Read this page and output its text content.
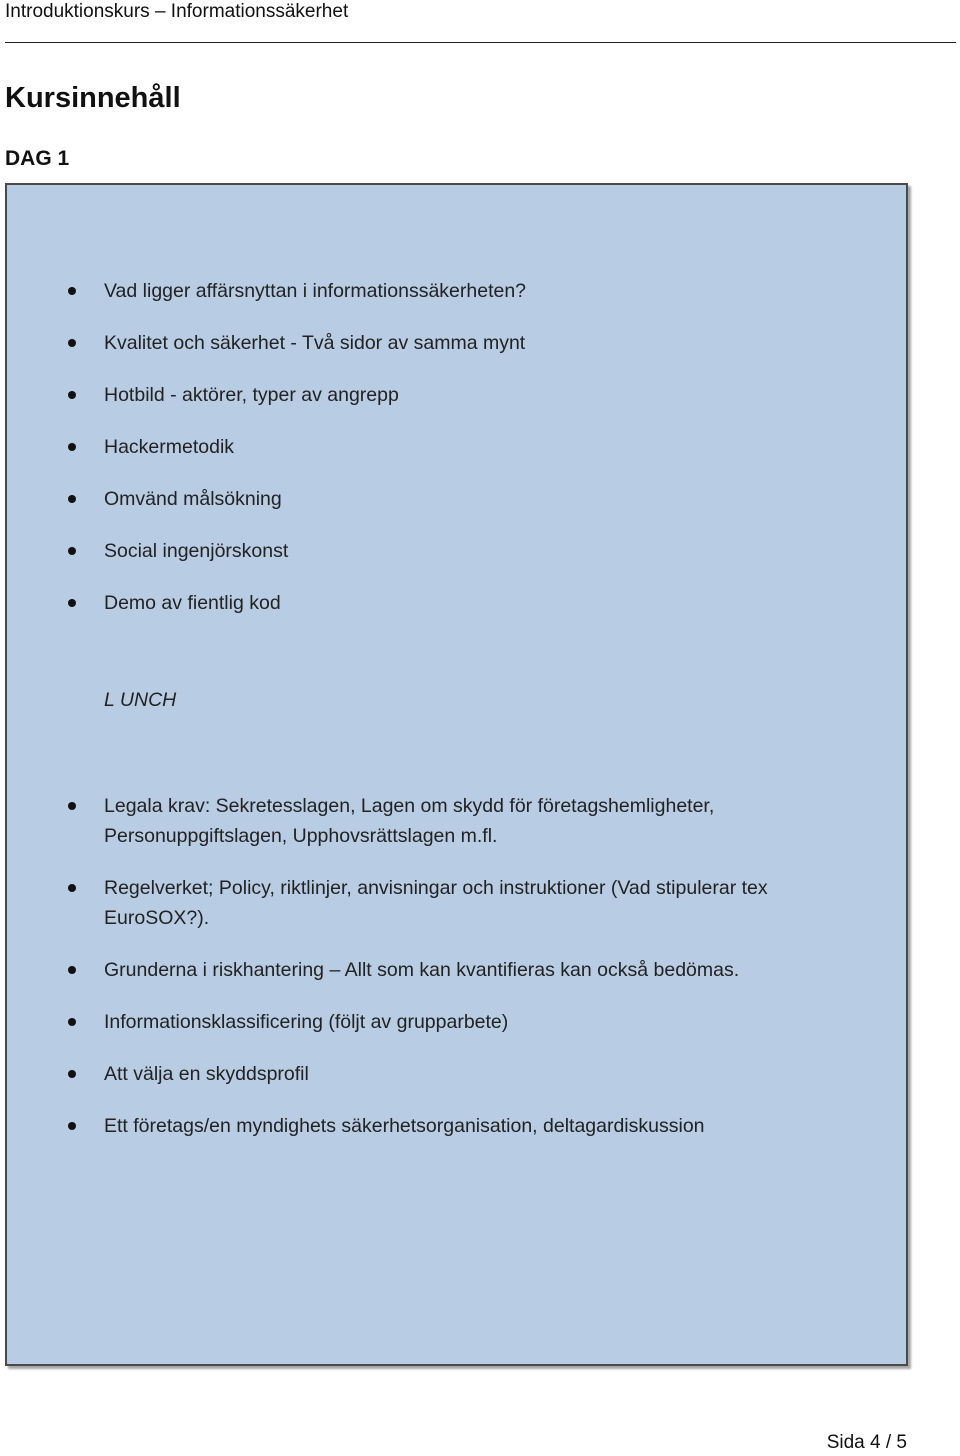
Introduktionskurs – Informationssäkerhet
Kursinnehåll
DAG 1
Vad ligger affärsnyttan i informationssäkerheten?
Kvalitet och säkerhet - Två sidor av samma mynt
Hotbild - aktörer, typer av angrepp
Hackermetodik
Omvänd målsökning
Social ingenjörskonst
Demo av fientlig kod
L UNCH
Legala krav: Sekretesslagen, Lagen om skydd för företagshemligheter, Personuppgiftslagen, Upphovsrättslagen m.fl.
Regelverket; Policy, riktlinjer, anvisningar och instruktioner (Vad stipulerar tex EuroSOX?).
Grunderna i riskhantering – Allt som kan kvantifieras kan också bedömas.
Informationsklassificering (följt av grupparbete)
Att välja en skyddsprofil
Ett företags/en myndighets säkerhetsorganisation, deltagardiskussion
Sida 4 / 5
